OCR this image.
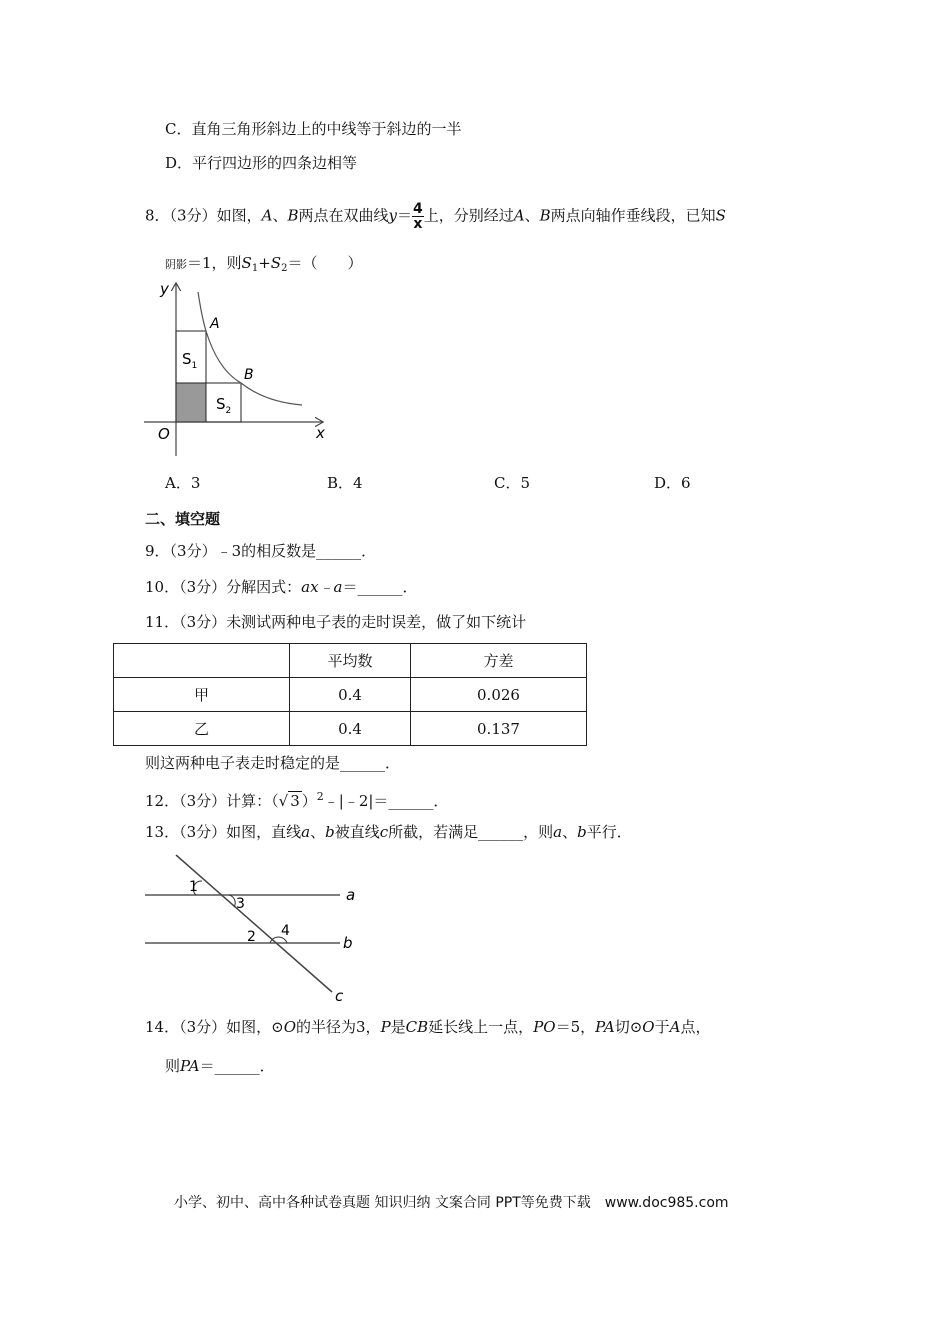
C．直角三角形斜边上的中线等于斜边的一半
D．平行四边形的四条边相等
8．（3分）如图，A、B两点在双曲线$y= \frac{4}{x}$ 上，分别经过A、B两点向轴作垂线段，已知S
阴影＝1，则$S_1+S_2=$（　　）
y
x
O
A
B
$S_1$
$S_2$
A．3	B．4	C．5	D．6
二、填空题
9．（3分）﹣3的相反数是______．
10．（3分）分解因式：ax﹣a＝______．
11．（3分）未测试两种电子表的走时误差，做了如下统计
	平均数	方差
甲	0.4	0.026
乙	0.4	0.137
则这两种电子表走时稳定的是______．
12．（3分）计算：（√ 3 ）$^2$﹣|﹣2|＝______．
13．（3分）如图，直线a、b被直线c所截，若满足______，则a、b平行．
1
3
2 4
a
b
c
14．（3分）如图，⊙O的半径为3，P是CB延长线上一点，PO＝5，PA切⊙O于A点，
则PA＝______．
小学、初中、高中各种试卷真题 知识归纳 文案合同 PPT等免费下载　www.doc985.com
